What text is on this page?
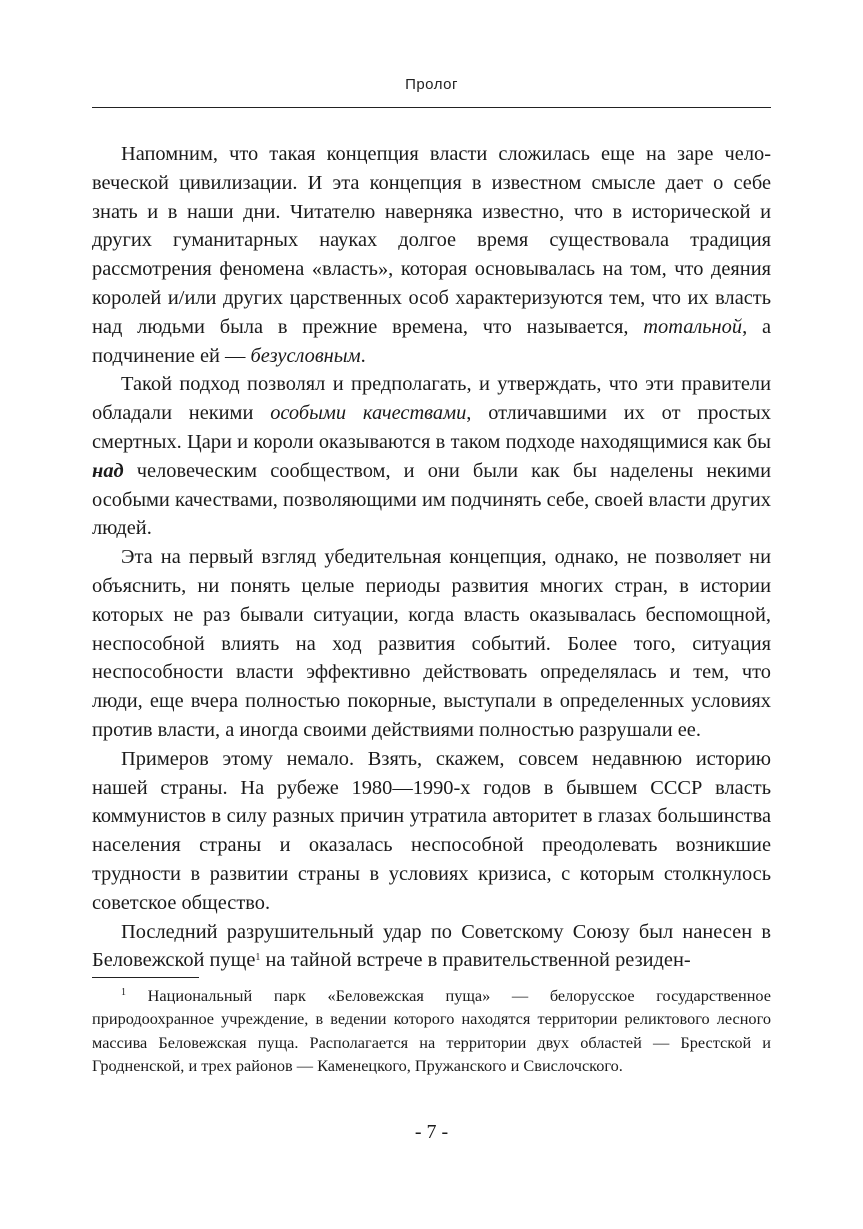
Пролог

Напомним, что такая концепция власти сложилась еще на заре человеческой цивилизации. И эта концепция в известном смысле дает о себе знать и в наши дни. Читателю наверняка известно, что в исторической и других гуманитарных науках долгое время существовала традиция рассмотрения феномена «власть», которая основывалась на том, что деяния королей и/или других царственных особ характеризуются тем, что их власть над людьми была в прежние времена, что называется, тотальной, а подчинение ей — безусловным.

Такой подход позволял и предполагать, и утверждать, что эти правители обладали некими особыми качествами, отличавшими их от простых смертных. Цари и короли оказываются в таком подходе находящимися как бы над человеческим сообществом, и они были как бы наделены некими особыми качествами, позволяющими им подчинять себе, своей власти других людей.

Эта на первый взгляд убедительная концепция, однако, не позволяет ни объяснить, ни понять целые периоды развития многих стран, в истории которых не раз бывали ситуации, когда власть оказывалась беспомощной, неспособной влиять на ход развития событий. Более того, ситуация неспособности власти эффективно действовать определялась и тем, что люди, еще вчера полностью покорные, выступали в определенных условиях против власти, а иногда своими действиями полностью разрушали ее.

Примеров этому немало. Взять, скажем, совсем недавнюю историю нашей страны. На рубеже 1980—1990-х годов в бывшем СССР власть коммунистов в силу разных причин утратила авторитет в глазах большинства населения страны и оказалась неспособной преодолевать возникшие трудности в развитии страны в условиях кризиса, с которым столкнулось советское общество.

Последний разрушительный удар по Советскому Союзу был нанесен в Беловежской пуще$^1$ на тайной встрече в правительственной резиден-

$^1$ Национальный парк «Беловежская пуща» — белорусское государственное природоохранное учреждение, в ведении которого находятся территории реликтового лесного массива Беловежская пуща. Располагается на территории двух областей — Брестской и Гродненской, и трех районов — Каменецкого, Пружанского и Свислочского.

- 7 -
